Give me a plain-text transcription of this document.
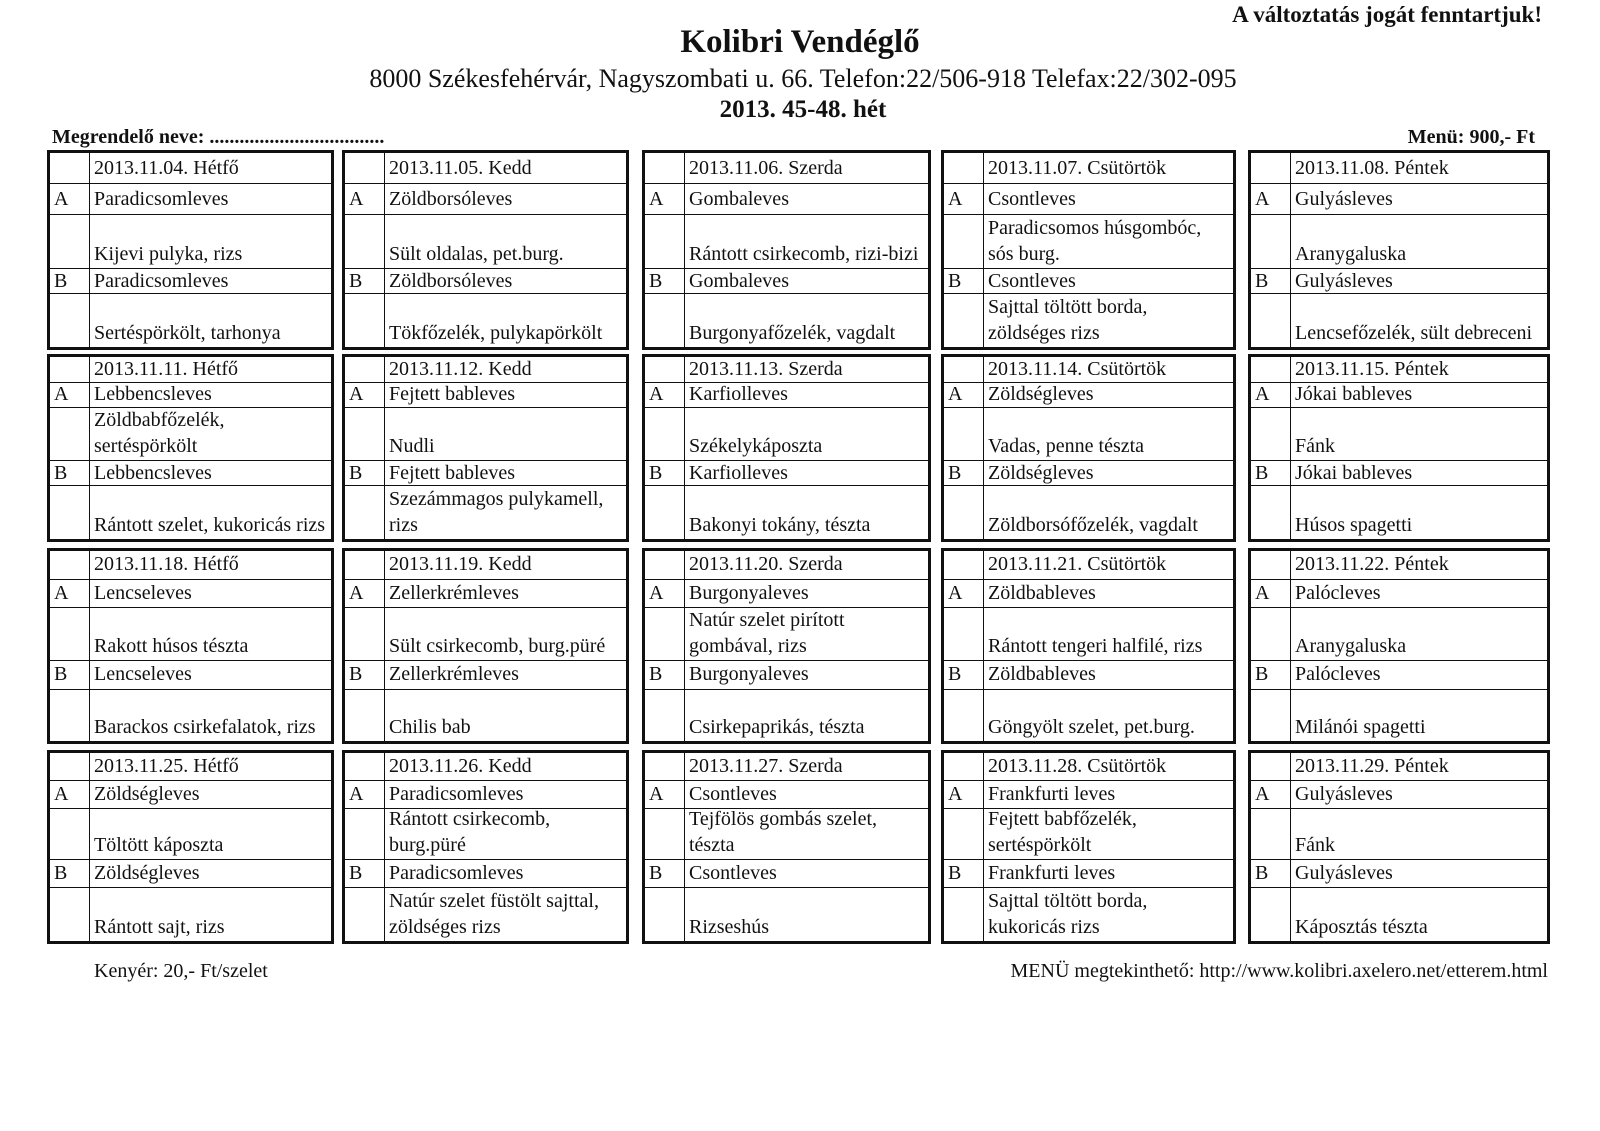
A változtatás jogát fenntartjuk!
Kolibri Vendéglő
8000 Székesfehérvár, Nagyszombati u. 66. Telefon:22/506-918 Telefax:22/302-095
2013. 45-48. hét
Megrendelő neve: ...................................	Menü: 900,- Ft
2013.11.04. Hétfő
A	Paradicsomleves
Kijevi pulyka, rizs
B	Paradicsomleves
Sertéspörkölt, tarhonya
2013.11.05. Kedd
A	Zöldborsóleves
Sült oldalas, pet.burg.
B	Zöldborsóleves
Tökfőzelék, pulykapörkölt
2013.11.06. Szerda
A	Gombaleves
Rántott csirkecomb, rizi-bizi
B	Gombaleves
Burgonyafőzelék, vagdalt
2013.11.07. Csütörtök
A	Csontleves
Paradicsomos húsgombóc, sós burg.
B	Csontleves
Sajttal töltött borda, zöldséges rizs
2013.11.08. Péntek
A	Gulyásleves
Aranygaluska
B	Gulyásleves
Lencsefőzelék, sült debreceni
2013.11.11. Hétfő
A	Lebbencsleves
Zöldbabfőzelék, sertéspörkölt
B	Lebbencsleves
Rántott szelet, kukoricás rizs
2013.11.12. Kedd
A	Fejtett bableves
Nudli
B	Fejtett bableves
Szezámmagos pulykamell, rizs
2013.11.13. Szerda
A	Karfiolleves
Székelykáposzta
B	Karfiolleves
Bakonyi tokány, tészta
2013.11.14. Csütörtök
A	Zöldségleves
Vadas, penne tészta
B	Zöldségleves
Zöldborsófőzelék, vagdalt
2013.11.15. Péntek
A	Jókai bableves
Fánk
B	Jókai bableves
Húsos spagetti
2013.11.18. Hétfő
A	Lencseleves
Rakott húsos tészta
B	Lencseleves
Barackos csirkefalatok, rizs
2013.11.19. Kedd
A	Zellerkrémleves
Sült csirkecomb, burg.püré
B	Zellerkrémleves
Chilis bab
2013.11.20. Szerda
A	Burgonyaleves
Natúr szelet pirított gombával, rizs
B	Burgonyaleves
Csirkepaprikás, tészta
2013.11.21. Csütörtök
A	Zöldbableves
Rántott tengeri halfilé, rizs
B	Zöldbableves
Göngyölt szelet, pet.burg.
2013.11.22. Péntek
A	Palócleves
Aranygaluska
B	Palócleves
Milánói spagetti
2013.11.25. Hétfő
A	Zöldségleves
Töltött káposzta
B	Zöldségleves
Rántott sajt, rizs
2013.11.26. Kedd
A	Paradicsomleves
Rántott csirkecomb, burg.püré
B	Paradicsomleves
Natúr szelet füstölt sajttal, zöldséges rizs
2013.11.27. Szerda
A	Csontleves
Tejfölös gombás szelet, tészta
B	Csontleves
Rizseshús
2013.11.28. Csütörtök
A	Frankfurti leves
Fejtett babfőzelék, sertéspörkölt
B	Frankfurti leves
Sajttal töltött borda, kukoricás rizs
2013.11.29. Péntek
A	Gulyásleves
Fánk
B	Gulyásleves
Káposztás tészta
Kenyér: 20,- Ft/szelet	MENÜ megtekinthető: http://www.kolibri.axelero.net/etterem.html
